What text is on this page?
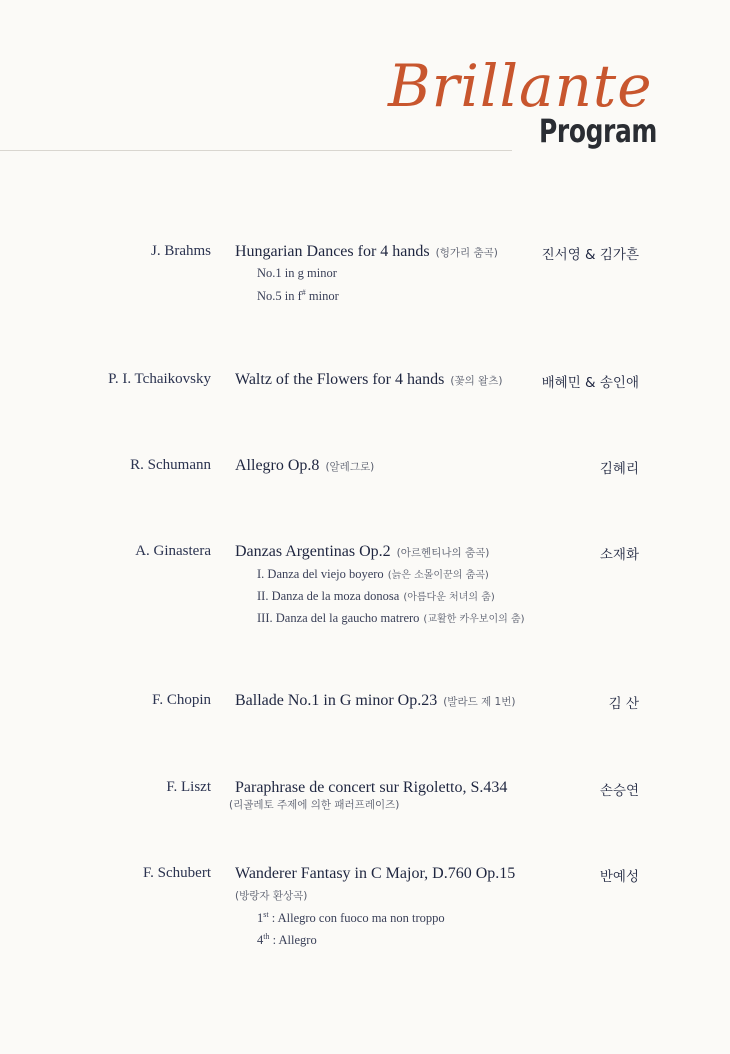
Brillante
Program
J. Brahms Hungarian Dances for 4 hands (헝가리 춤곡)	진서영 & 김가흔
No.1 in g minor
No.5 in f# minor
P. I. Tchaikovsky Waltz of the Flowers for 4 hands (꽃의 왈츠)	배혜민 & 송인애
R. Schumann Allegro Op.8 (알레그로)	김혜리
A. Ginastera Danzas Argentinas Op.2 (아르헨티나의 춤곡)	소재화
I. Danza del viejo boyero (늙은 소몰이꾼의 춤곡)
II. Danza de la moza donosa (아름다운 처녀의 춤)
III. Danza del la gaucho matrero (교활한 카우보이의 춤)
F. Chopin Ballade No.1 in G minor Op.23 (발라드 제 1번)	김 산
F. Liszt Paraphrase de concert sur Rigoletto, S.434	손승연
(리골레토 주제에 의한 패러프레이즈)
F. Schubert Wanderer Fantasy in C Major, D.760 Op.15	반예성
(방랑자 환상곡)
1st : Allegro con fuoco ma non troppo
4th : Allegro
